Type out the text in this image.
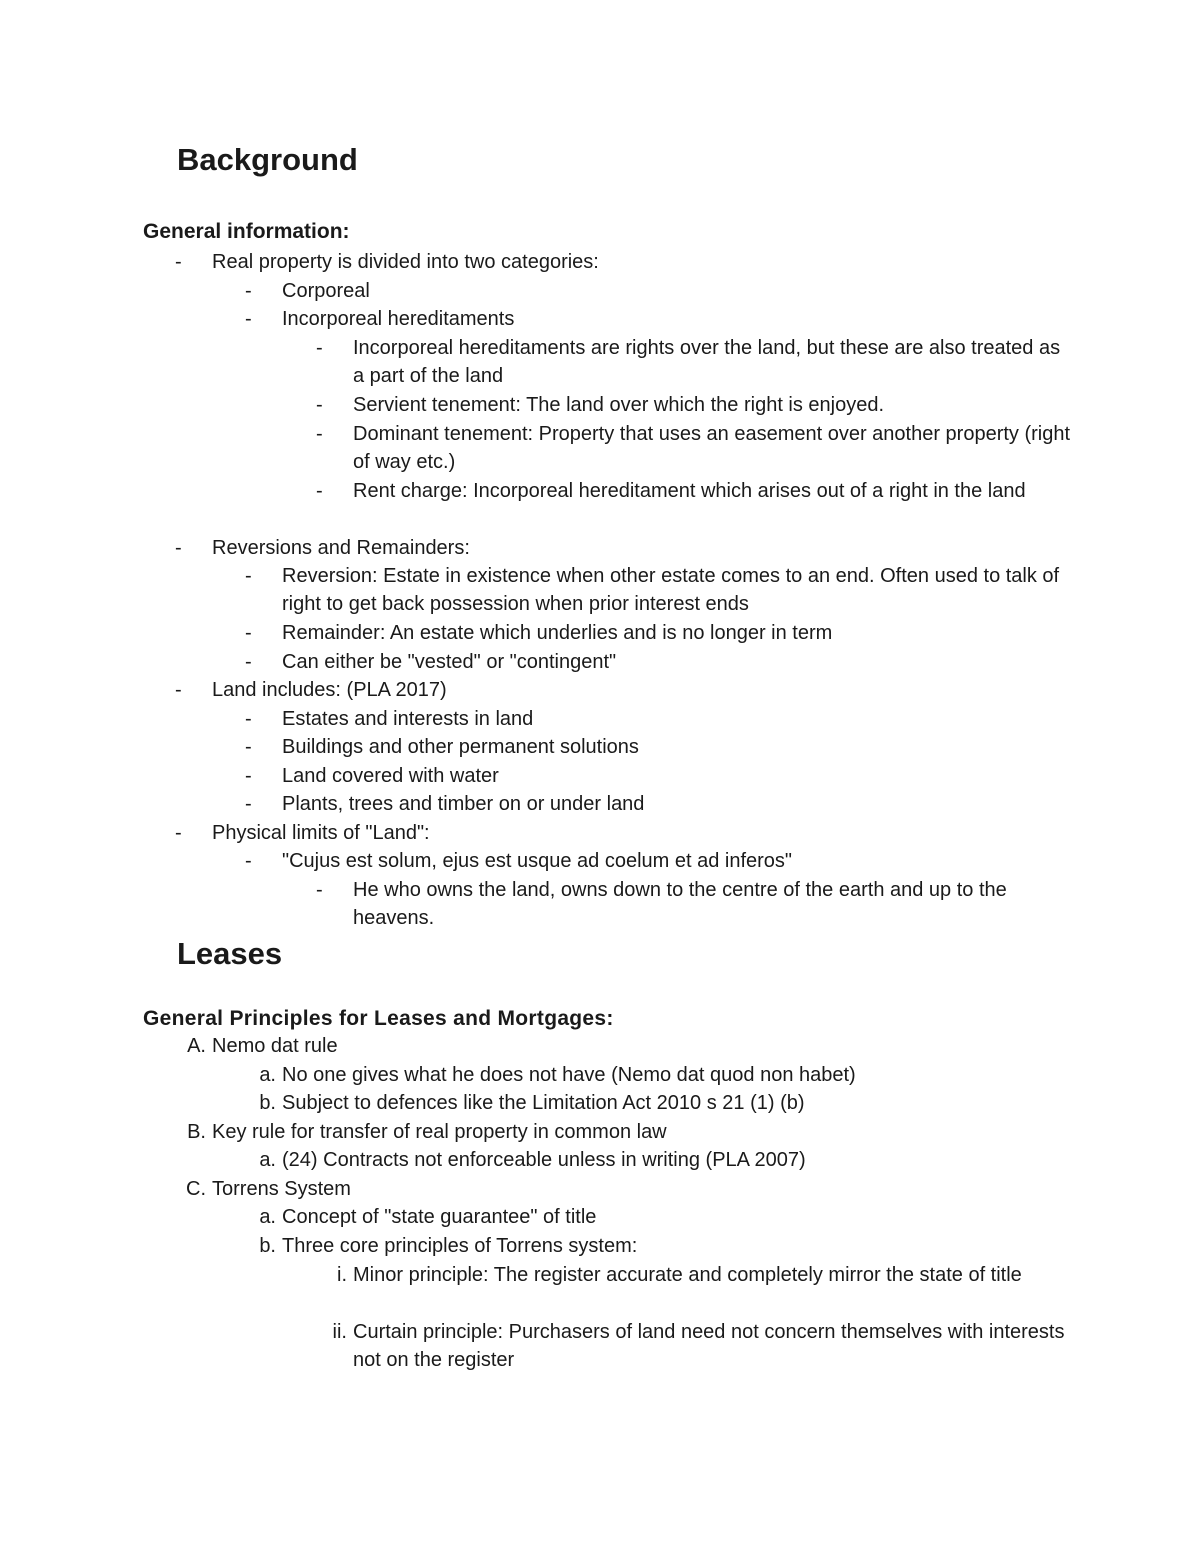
Background
General information:
-	Real property is divided into two categories:
-	Corporeal
-	Incorporeal hereditaments
-	Incorporeal hereditaments are rights over the land, but these are also treated as a part of the land
-	Servient tenement: The land over which the right is enjoyed.
-	Dominant tenement: Property that uses an easement over another property (right of way etc.)
-	Rent charge: Incorporeal hereditament which arises out of a right in the land
-	Reversions and Remainders:
-	Reversion: Estate in existence when other estate comes to an end. Often used to talk of right to get back possession when prior interest ends
-	Remainder: An estate which underlies and is no longer in term
-	Can either be "vested" or "contingent"
-	Land includes: (PLA 2017)
-	Estates and interests in land
-	Buildings and other permanent solutions
-	Land covered with water
-	Plants, trees and timber on or under land
-	Physical limits of "Land":
-	"Cujus est solum, ejus est usque ad coelum et ad inferos"
-	He who owns the land, owns down to the centre of the earth and up to the heavens.
Leases
General Principles for Leases and Mortgages:
A. Nemo dat rule
a. No one gives what he does not have (Nemo dat quod non habet)
b. Subject to defences like the Limitation Act 2010 s 21 (1) (b)
B. Key rule for transfer of real property in common law
a. (24) Contracts not enforceable unless in writing (PLA 2007)
C. Torrens System
a. Concept of "state guarantee" of title
b. Three core principles of Torrens system:
i. Minor principle: The register accurate and completely mirror the state of title
ii. Curtain principle: Purchasers of land need not concern themselves with interests not on the register
